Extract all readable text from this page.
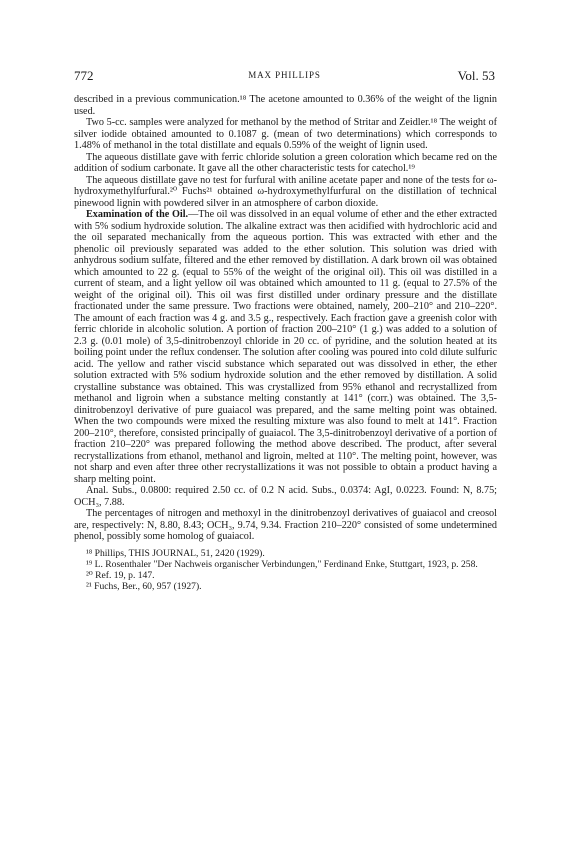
772	MAX PHILLIPS	Vol. 53

described in a previous communication.¹⁸ The acetone amounted to 0.36% of the weight of the lignin used.

Two 5-cc. samples were analyzed for methanol by the method of Stritar and Zeidler.¹⁸ The weight of silver iodide obtained amounted to 0.1087 g. (mean of two determinations) which corresponds to 1.48% of methanol in the total distillate and equals 0.59% of the weight of lignin used.

The aqueous distillate gave with ferric chloride solution a green coloration which became red on the addition of sodium carbonate. It gave all the other characteristic tests for catechol.¹⁹

The aqueous distillate gave no test for furfural with aniline acetate paper and none of the tests for ω-hydroxymethylfurfural.²⁰ Fuchs²¹ obtained ω-hydroxymethylfurfural on the distillation of technical pinewood lignin with powdered silver in an atmosphere of carbon dioxide.

Examination of the Oil.—The oil was dissolved in an equal volume of ether and the ether extracted with 5% sodium hydroxide solution. The alkaline extract was then acidified with hydrochloric acid and the oil separated mechanically from the aqueous portion. This was extracted with ether and the phenolic oil previously separated was added to the ether solution. This solution was dried with anhydrous sodium sulfate, filtered and the ether removed by distillation. A dark brown oil was obtained which amounted to 22 g. (equal to 55% of the weight of the original oil). This oil was distilled in a current of steam, and a light yellow oil was obtained which amounted to 11 g. (equal to 27.5% of the weight of the original oil). This oil was first distilled under ordinary pressure and the distillate fractionated under the same pressure. Two fractions were obtained, namely, 200–210° and 210–220°. The amount of each fraction was 4 g. and 3.5 g., respectively. Each fraction gave a greenish color with ferric chloride in alcoholic solution. A portion of fraction 200–210° (1 g.) was added to a solution of 2.3 g. (0.01 mole) of 3,5-dinitrobenzoyl chloride in 20 cc. of pyridine, and the solution heated at its boiling point under the reflux condenser. The solution after cooling was poured into cold dilute sulfuric acid. The yellow and rather viscid substance which separated out was dissolved in ether, the ether solution extracted with 5% sodium hydroxide solution and the ether removed by distillation. A solid crystalline substance was obtained. This was crystallized from 95% ethanol and recrystallized from methanol and ligroin when a substance melting constantly at 141° (corr.) was obtained. The 3,5-dinitrobenzoyl derivative of pure guaiacol was prepared, and the same melting point was obtained. When the two compounds were mixed the resulting mixture was also found to melt at 141°. Fraction 200–210°, therefore, consisted principally of guaiacol. The 3,5-dinitrobenzoyl derivative of a portion of fraction 210–220° was prepared following the method above described. The product, after several recrystallizations from ethanol, methanol and ligroin, melted at 110°. The melting point, however, was not sharp and even after three other recrystallizations it was not possible to obtain a product having a sharp melting point.

Anal. Subs., 0.0800: required 2.50 cc. of 0.2 N acid. Subs., 0.0374: AgI, 0.0223. Found: N, 8.75; OCH₃, 7.88.

The percentages of nitrogen and methoxyl in the dinitrobenzoyl derivatives of guaiacol and creosol are, respectively: N, 8.80, 8.43; OCH₃, 9.74, 9.34. Fraction 210–220° consisted of some undetermined phenol, possibly some homolog of guaiacol.

¹⁸ Phillips, THIS JOURNAL, 51, 2420 (1929).

¹⁹ L. Rosenthaler "Der Nachweis organischer Verbindungen," Ferdinand Enke, Stuttgart, 1923, p. 258.

²⁰ Ref. 19, p. 147.

²¹ Fuchs, Ber., 60, 957 (1927).
